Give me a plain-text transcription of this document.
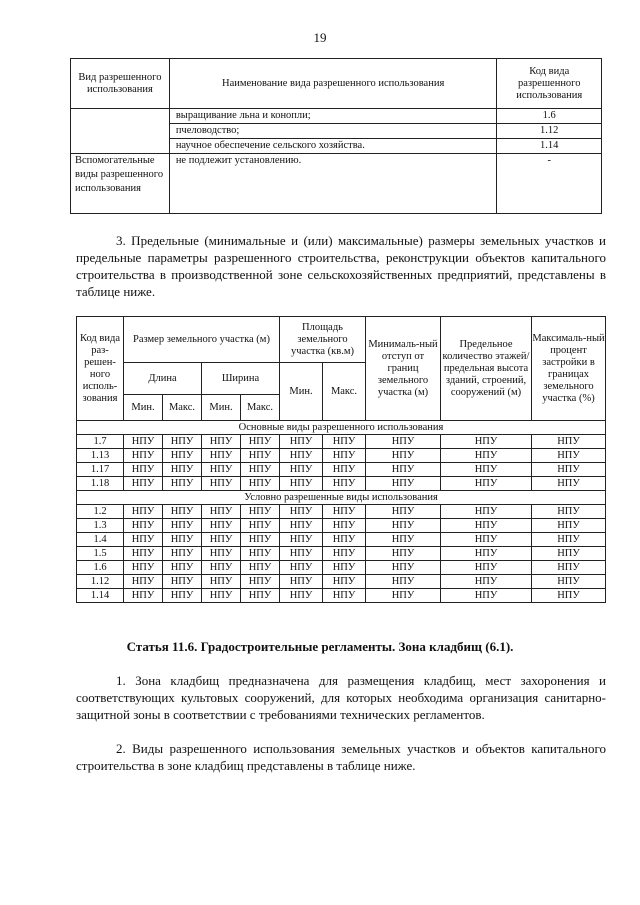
19
Вид разрешенного использования	Наименование вида разрешенного использования	Код вида разрешенного использования
	выращивание льна и конопли;	1.6
	пчеловодство;	1.12
	научное обеспечение сельского хозяйства.	1.14
Вспомогательные виды разрешенного использования	не подлежит установлению.	-

3. Предельные (минимальные и (или) максимальные) размеры земельных участков и предельные параметры разрешенного строительства, реконструкции объектов капитального строительства в производственной зоне сельскохозяйственных предприятий, представлены в таблице ниже.

Код вида раз-решен-ного исполь-зования	Размер земельного участка (м)				Площадь земельного участка (кв.м)		Минималь-ный отступ от границ земельного участка (м)	Предельное количество этажей/ предельная высота зданий, строений, сооружений (м)	Максималь-ный процент застройки в границах земельного участка (%)
	Длина		Ширина		Мин.	Макс.			
	Мин.	Макс.	Мин.	Макс.					
Основные виды разрешенного использования									
1.7	НПУ	НПУ	НПУ	НПУ	НПУ	НПУ	НПУ	НПУ	НПУ
1.13	НПУ	НПУ	НПУ	НПУ	НПУ	НПУ	НПУ	НПУ	НПУ
1.17	НПУ	НПУ	НПУ	НПУ	НПУ	НПУ	НПУ	НПУ	НПУ
1.18	НПУ	НПУ	НПУ	НПУ	НПУ	НПУ	НПУ	НПУ	НПУ
Условно разрешенные виды использования									
1.2	НПУ	НПУ	НПУ	НПУ	НПУ	НПУ	НПУ	НПУ	НПУ
1.3	НПУ	НПУ	НПУ	НПУ	НПУ	НПУ	НПУ	НПУ	НПУ
1.4	НПУ	НПУ	НПУ	НПУ	НПУ	НПУ	НПУ	НПУ	НПУ
1.5	НПУ	НПУ	НПУ	НПУ	НПУ	НПУ	НПУ	НПУ	НПУ
1.6	НПУ	НПУ	НПУ	НПУ	НПУ	НПУ	НПУ	НПУ	НПУ
1.12	НПУ	НПУ	НПУ	НПУ	НПУ	НПУ	НПУ	НПУ	НПУ
1.14	НПУ	НПУ	НПУ	НПУ	НПУ	НПУ	НПУ	НПУ	НПУ
Статья 11.6. Градостроительные регламенты. Зона кладбищ (6.1).

1. Зона кладбищ предназначена для размещения кладбищ, мест захоронения и соответствующих культовых сооружений, для которых необходима организация санитарно-защитной зоны в соответствии с требованиями технических регламентов.

2. Виды разрешенного использования земельных участков и объектов капитального строительства в зоне кладбищ представлены в таблице ниже.
